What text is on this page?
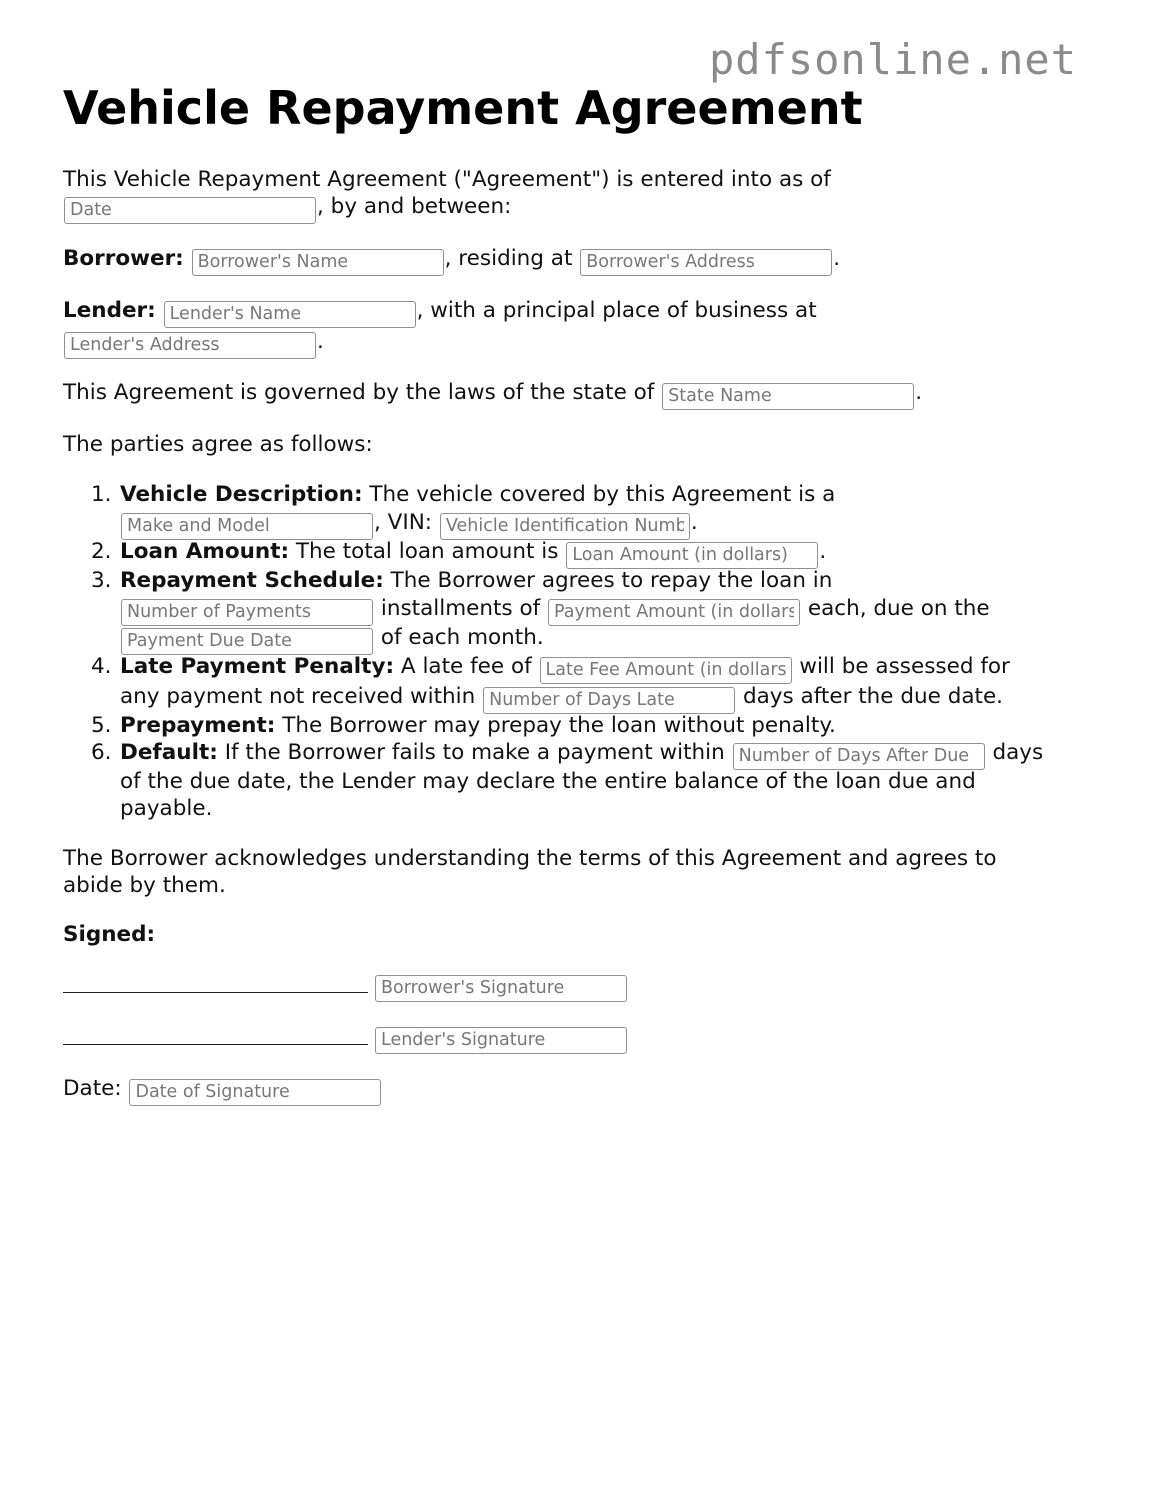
pdfsonline.net
Vehicle Repayment Agreement
This Vehicle Repayment Agreement ("Agreement") is entered into as of
Date, by and between:
Borrower: Borrower's Name	, residing at Borrower's Address	.
Lender: Lender's Name	, with a principal place of business at
Lender's Address.
This Agreement is governed by the laws of the state of State Name	.
The parties agree as follows:
1. Vehicle Description: The vehicle covered by this Agreement is a
Make and Model, VIN: Vehicle Identification Number	.
2. Loan Amount: The total loan amount is Loan Amount (in dollars)	.
3. Repayment Schedule: The Borrower agrees to repay the loan in
Number of Payments installments of Payment Amount (in dollars)	each, due on the
Payment Due Date of each month.
4. Late Payment Penalty: A late fee of Late Fee Amount (in dollars)	will be assessed for
any payment not received within Number of Days Late	days after the due date.
5. Prepayment: The Borrower may prepay the loan without penalty.
6. Default: If the Borrower fails to make a payment within Number of Days After Due	days
of the due date, the Lender may declare the entire balance of the loan due and
payable.
The Borrower acknowledges understanding the terms of this Agreement and agrees to
abide by them.
Signed:
Borrower's Signature
Lender's Signature
Date: Date of Signature
